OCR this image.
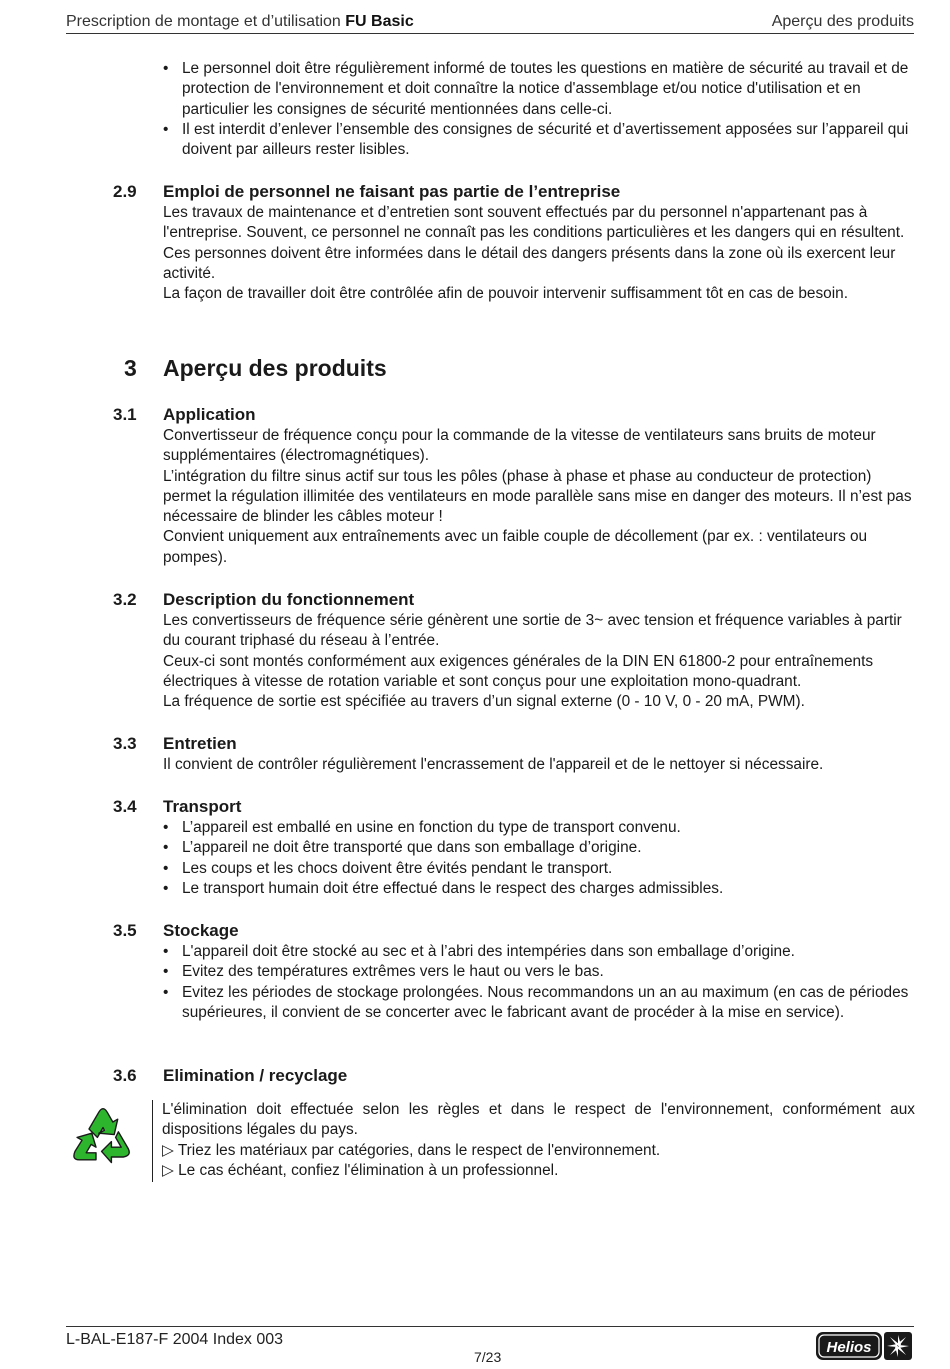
Prescription de montage et d’utilisation FU Basic	Aperçu des produits
• Le personnel doit être régulièrement informé de toutes les questions en matière de sécurité au travail et de protection de l'environnement et doit connaître la notice d'assemblage et/ou notice d'utilisation et en particulier les consignes de sécurité mentionnées dans celle-ci.
• Il est interdit d’enlever l’ensemble des consignes de sécurité et d’avertissement apposées sur l’appareil qui doivent par ailleurs rester lisibles.
2.9 Emploi de personnel ne faisant pas partie de l’entreprise

Les travaux de maintenance et d’entretien sont souvent effectués par du personnel n'appartenant pas à l'entreprise. Souvent, ce personnel ne connaît pas les conditions particulières et les dangers qui en résultent. Ces personnes doivent être informées dans le détail des dangers présents dans la zone où ils exercent leur activité.

La façon de travailler doit être contrôlée afin de pouvoir intervenir suffisamment tôt en cas de besoin.

3 Aperçu des produits
3.1 Application

Convertisseur de fréquence conçu pour la commande de la vitesse de ventilateurs sans bruits de moteur supplémentaires (électromagnétiques).

L’intégration du filtre sinus actif sur tous les pôles (phase à phase et phase au conducteur de protection) permet la régulation illimitée des ventilateurs en mode parallèle sans mise en danger des moteurs. Il n’est pas nécessaire de blinder les câbles moteur !

Convient uniquement aux entraînements avec un faible couple de décollement (par ex. : ventilateurs ou pompes).

3.2 Description du fonctionnement

Les convertisseurs de fréquence série génèrent une sortie de 3~ avec tension et fréquence variables à partir du courant triphasé du réseau à l’entrée.

Ceux-ci sont montés conformément aux exigences générales de la DIN EN 61800-2 pour entraînements électriques à vitesse de rotation variable et sont conçus pour une exploitation mono-quadrant.

La fréquence de sortie est spécifiée au travers d’un signal externe (0 - 10 V, 0 - 20 mA, PWM).

3.3 Entretien

Il convient de contrôler régulièrement l'encrassement de l'appareil et de le nettoyer si nécessaire.

3.4 Transport
• L’appareil est emballé en usine en fonction du type de transport convenu.
• L’appareil ne doit être transporté que dans son emballage d’origine.
• Les coups et les chocs doivent être évités pendant le transport.
• Le transport humain doit étre effectué dans le respect des charges admissibles.
3.5 Stockage
• L'appareil doit être stocké au sec et à l’abri des intempéries dans son emballage d’origine.
• Evitez des températures extrêmes vers le haut ou vers le bas.
• Evitez les périodes de stockage prolongées. Nous recommandons un an au maximum (en cas de périodes supérieures, il convient de se concerter avec le fabricant avant de procéder à la mise en service).
3.6 Elimination / recyclage

L'élimination doit effectuée selon les règles et dans le respect de l'environnement, conformément aux dispositions légales du pays.

▷ Triez les matériaux par catégories, dans le respect de l'environnement.

▷ Le cas échéant, confiez l'élimination à un professionnel.

L-BAL-E187-F 2004 Index 003
7/23
Helios
